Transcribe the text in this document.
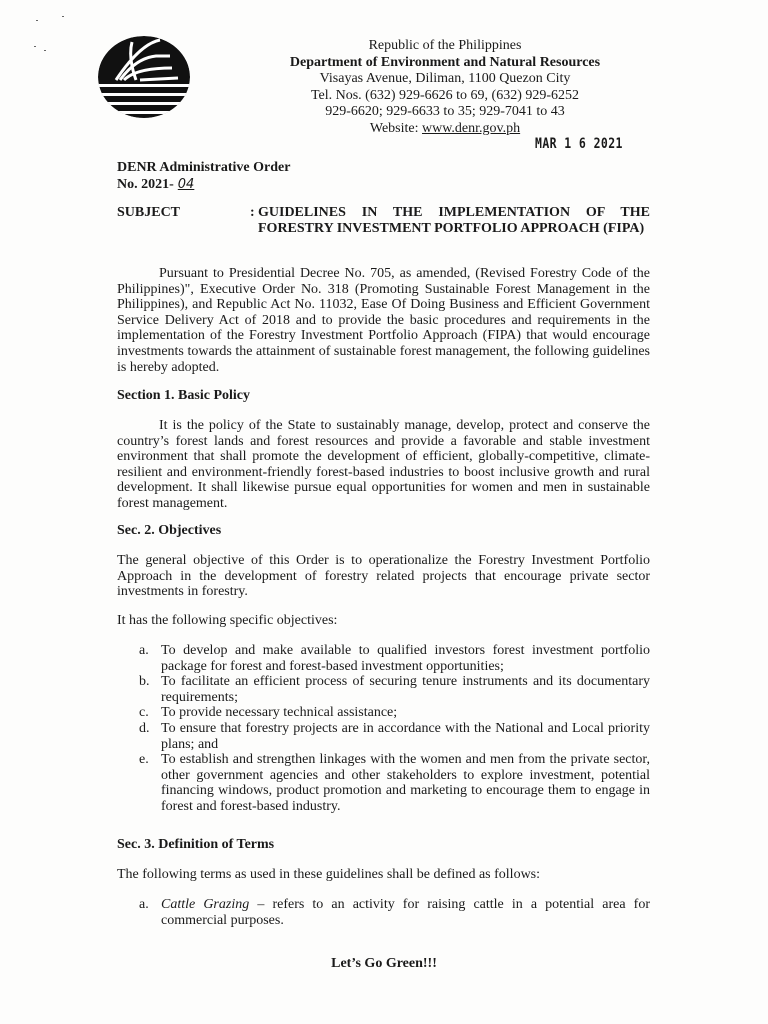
Republic of the Philippines
Department of Environment and Natural Resources
Visayas Avenue, Diliman, 1100 Quezon City
Tel. Nos. (632) 929-6626 to 69, (632) 929-6252
929-6620; 929-6633 to 35; 929-7041 to 43
Website: www.denr.gov.ph
MAR 1 6 2021
DENR Administrative Order
No. 2021- 04
SUBJECT	: GUIDELINES IN THE IMPLEMENTATION OF THE FORESTRY INVESTMENT PORTFOLIO APPROACH (FIPA)
Pursuant to Presidential Decree No. 705, as amended, (Revised Forestry Code of the Philippines)", Executive Order No. 318 (Promoting Sustainable Forest Management in the Philippines), and Republic Act No. 11032, Ease Of Doing Business and Efficient Government Service Delivery Act of 2018 and to provide the basic procedures and requirements in the implementation of the Forestry Investment Portfolio Approach (FIPA) that would encourage investments towards the attainment of sustainable forest management, the following guidelines is hereby adopted.
Section 1. Basic Policy
It is the policy of the State to sustainably manage, develop, protect and conserve the country’s forest lands and forest resources and provide a favorable and stable investment environment that shall promote the development of efficient, globally-competitive, climate-resilient and environment-friendly forest-based industries to boost inclusive growth and rural development. It shall likewise pursue equal opportunities for women and men in sustainable forest management.
Sec. 2. Objectives
The general objective of this Order is to operationalize the Forestry Investment Portfolio Approach in the development of forestry related projects that encourage private sector investments in forestry.
It has the following specific objectives:
a. To develop and make available to qualified investors forest investment portfolio package for forest and forest-based investment opportunities;
b. To facilitate an efficient process of securing tenure instruments and its documentary requirements;
c. To provide necessary technical assistance;
d. To ensure that forestry projects are in accordance with the National and Local priority plans; and
e. To establish and strengthen linkages with the women and men from the private sector, other government agencies and other stakeholders to explore investment, potential financing windows, product promotion and marketing to encourage them to engage in forest and forest-based industry.
Sec. 3. Definition of Terms
The following terms as used in these guidelines shall be defined as follows:
a. Cattle Grazing – refers to an activity for raising cattle in a potential area for commercial purposes.
Let’s Go Green!!!
